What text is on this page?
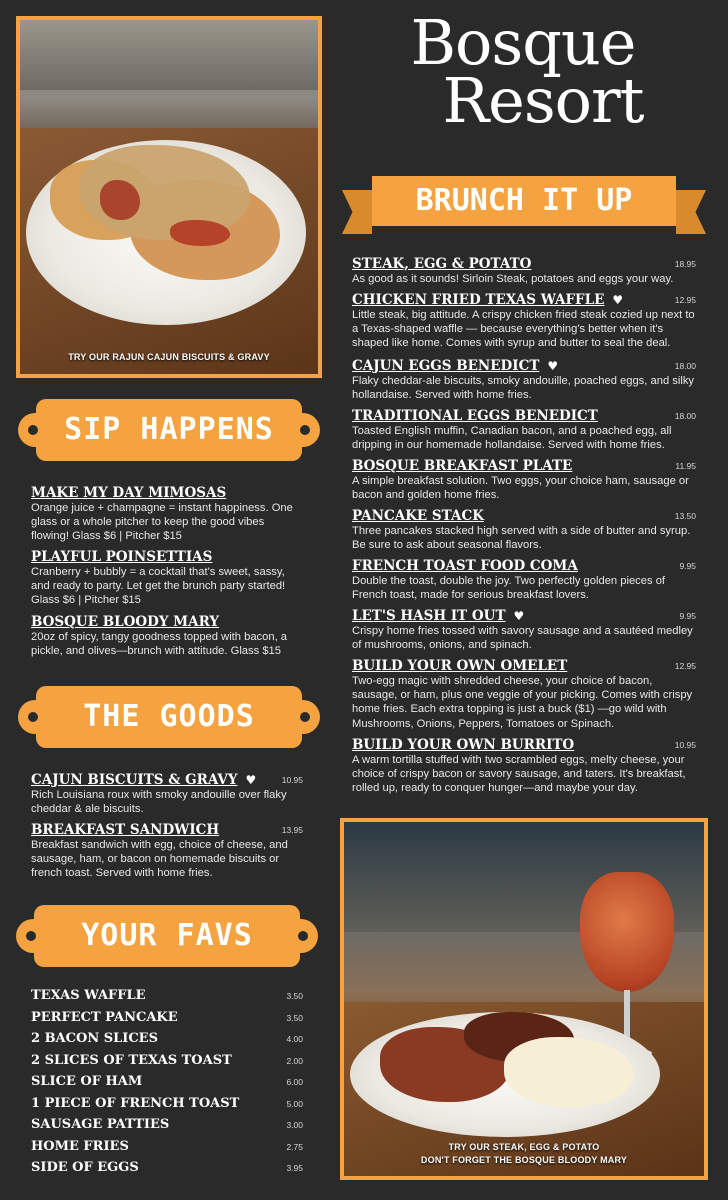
TRY OUR RAJUN CAJUN BISCUITS & GRAVY
Bosque
Resort
BRUNCH IT UP
STEAK, EGG & POTATO	18.95
As good as it sounds! Sirloin Steak, potatoes and eggs your way.
CHICKEN FRIED TEXAS WAFFLE ♥	12.95
Little steak, big attitude. A crispy chicken fried steak cozied up next to a Texas-shaped waffle — because everything's better when it's shaped like home. Comes with syrup and butter to seal the deal.
CAJUN EGGS BENEDICT ♥	18.00
Flaky cheddar-ale biscuits, smoky andouille, poached eggs, and silky hollandaise. Served with home fries.
TRADITIONAL EGGS BENEDICT	18.00
Toasted English muffin, Canadian bacon, and a poached egg, all dripping in our homemade hollandaise. Served with home fries.
BOSQUE BREAKFAST PLATE	11.95
A simple breakfast solution. Two eggs, your choice ham, sausage or bacon and golden home fries.
PANCAKE STACK	13.50
Three pancakes stacked high served with a side of butter and syrup. Be sure to ask about seasonal flavors.
FRENCH TOAST FOOD COMA	9.95
Double the toast, double the joy. Two perfectly golden pieces of French toast, made for serious breakfast lovers.
LET'S HASH IT OUT ♥	9.95
Crispy home fries tossed with savory sausage and a sautéed medley of mushrooms, onions, and spinach.
BUILD YOUR OWN OMELET	12.95
Two-egg magic with shredded cheese, your choice of bacon, sausage, or ham, plus one veggie of your picking. Comes with crispy home fries. Each extra topping is just a buck ($1) —go wild with Mushrooms, Onions, Peppers, Tomatoes or Spinach.
BUILD YOUR OWN BURRITO	10.95
A warm tortilla stuffed with two scrambled eggs, melty cheese, your choice of crispy bacon or savory sausage, and taters. It's breakfast, rolled up, ready to conquer hunger—and maybe your day.
SIP HAPPENS
MAKE MY DAY MIMOSAS
Orange juice + champagne = instant happiness. One glass or a whole pitcher to keep the good vibes flowing! Glass $6 | Pitcher $15
PLAYFUL POINSETTIAS
Cranberry + bubbly = a cocktail that's sweet, sassy, and ready to party. Let get the brunch party started! Glass $6 | Pitcher $15
BOSQUE BLOODY MARY
20oz of spicy, tangy goodness topped with bacon, a pickle, and olives—brunch with attitude. Glass $15
THE GOODS
CAJUN BISCUITS & GRAVY ♥	10.95
Rich Louisiana roux with smoky andouille over flaky cheddar & ale biscuits.
BREAKFAST SANDWICH	13.95
Breakfast sandwich with egg, choice of cheese, and sausage, ham, or bacon on homemade biscuits or french toast. Served with home fries.
YOUR FAVS
TEXAS WAFFLE	3.50
PERFECT PANCAKE	3.50
2 BACON SLICES	4.00
2 SLICES OF TEXAS TOAST	2.00
SLICE OF HAM	6.00
1 PIECE OF FRENCH TOAST	5.00
SAUSAGE PATTIES	3.00
HOME FRIES	2.75
SIDE OF EGGS	3.95
TRY OUR STEAK, EGG & POTATO
DON'T FORGET THE BOSQUE BLOODY MARY
